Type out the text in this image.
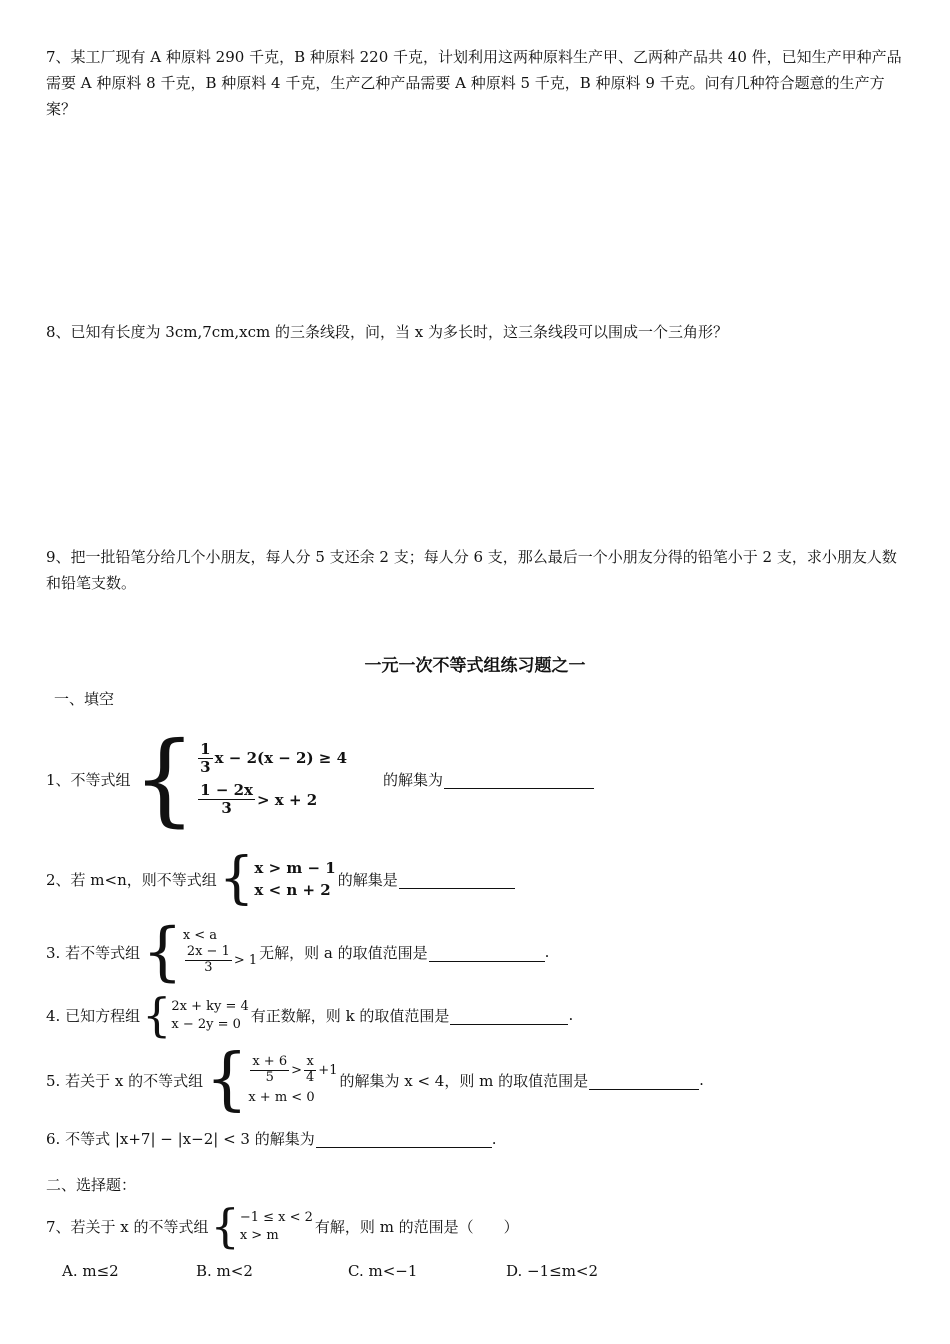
7、某工厂现有 A 种原料 290 千克，B 种原料 220 千克，计划利用这两种原料生产甲、乙两种产品共 40 件，已知生产甲种产品需要 A 种原料 8 千克，B 种原料 4 千克，生产乙种产品需要 A 种原料 5 千克，B 种原料 9 千克。问有几种符合题意的生产方案？
8、已知有长度为 3cm,7cm,xcm 的三条线段，问，当 x 为多长时，这三条线段可以围成一个三角形？
9、把一批铅笔分给几个小朋友，每人分 5 支还余 2 支；每人分 6 支，那么最后一个小朋友分得的铅笔小于 2 支，求小朋友人数和铅笔支数。
一元一次不等式组练习题之一
一、填空
1、不等式组 { $\frac{1}{3}$ x − 2(x − 2) ≥ 4
$\frac{1 - 2x}{3} > x + 2$
的解集为
2、若 m<n，则不等式组 { x > m − 1
x < n + 2
的解集是
3. 若不等式组 { x < a
$\frac{2x - 1}{3} > 1$ 无解，则 a 的取值范围是	.
4. 已知方程组 { 2x + ky = 4
x − 2y = 0 有正数解，则 k 的取值范围是	.
5. 若关于 x 的不等式组 { $\frac{x + 6}{5} > \frac{x}{4} +1$
x + m < 0
的解集为 x < 4，则 m 的取值范围是	.
6. 不等式 |x+7| − |x−2| < 3 的解集为	.
二、选择题：
7、若关于 x 的不等式组 { −1 ≤ x < 2
x > m	有解，则 m 的范围是（　　）
A. m≤2	B. m<2	C. m<−1	D. −1≤m<2
